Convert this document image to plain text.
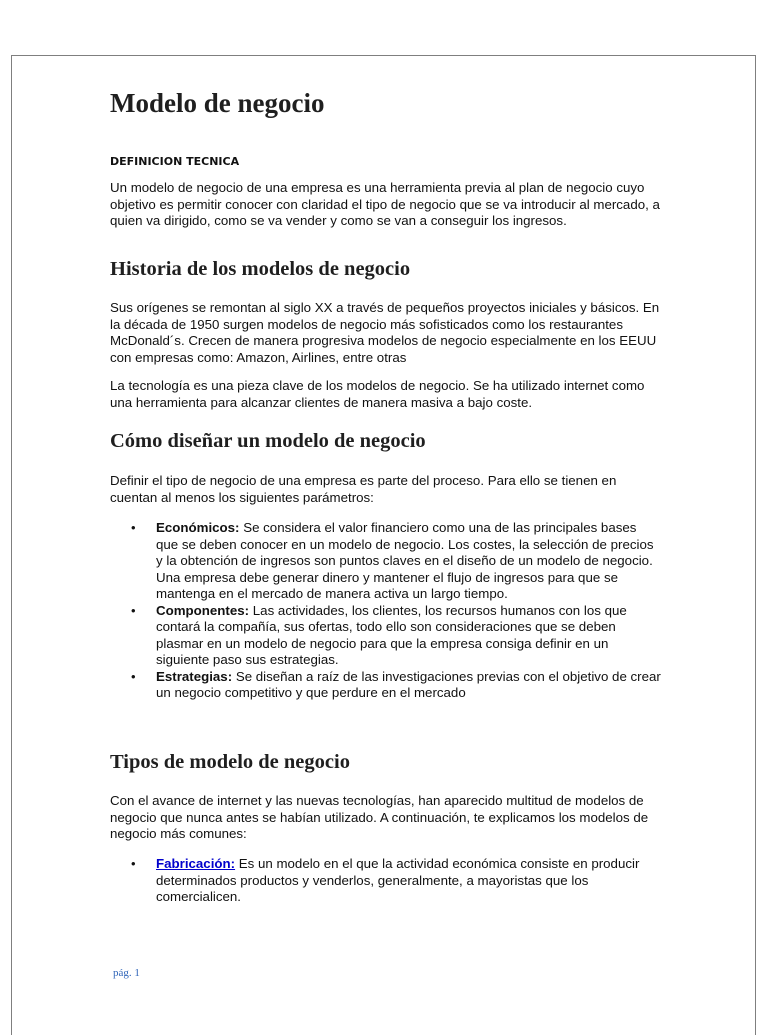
Modelo de negocio
DEFINICION TECNICA

Un modelo de negocio de una empresa es una herramienta previa al plan de negocio cuyo objetivo es permitir conocer con claridad el tipo de negocio que se va introducir al mercado, a quien va dirigido, como se va vender y como se van a conseguir los ingresos.

Historia de los modelos de negocio

Sus orígenes se remontan al siglo XX a través de pequeños proyectos iniciales y básicos. En la década de 1950 surgen modelos de negocio más sofisticados como los restaurantes McDonald´s. Crecen de manera progresiva modelos de negocio especialmente en los EEUU con empresas como: Amazon, Airlines, entre otras

La tecnología es una pieza clave de los modelos de negocio. Se ha utilizado internet como una herramienta para alcanzar clientes de manera masiva a bajo coste.

Cómo diseñar un modelo de negocio

Definir el tipo de negocio de una empresa es parte del proceso. Para ello se tienen en cuentan al menos los siguientes parámetros:

• Económicos: Se considera el valor financiero como una de las principales bases que se deben conocer en un modelo de negocio. Los costes, la selección de precios y la obtención de ingresos son puntos claves en el diseño de un modelo de negocio. Una empresa debe generar dinero y mantener el flujo de ingresos para que se mantenga en el mercado de manera activa un largo tiempo.
• Componentes: Las actividades, los clientes, los recursos humanos con los que contará la compañía, sus ofertas, todo ello son consideraciones que se deben plasmar en un modelo de negocio para que la empresa consiga definir en un siguiente paso sus estrategias.
• Estrategias: Se diseñan a raíz de las investigaciones previas con el objetivo de crear un negocio competitivo y que perdure en el mercado
Tipos de modelo de negocio

Con el avance de internet y las nuevas tecnologías, han aparecido multitud de modelos de negocio que nunca antes se habían utilizado. A continuación, te explicamos los modelos de negocio más comunes:

• Fabricación: Es un modelo en el que la actividad económica consiste en producir determinados productos y venderlos, generalmente, a mayoristas que los comercialicen.
pág. 1
